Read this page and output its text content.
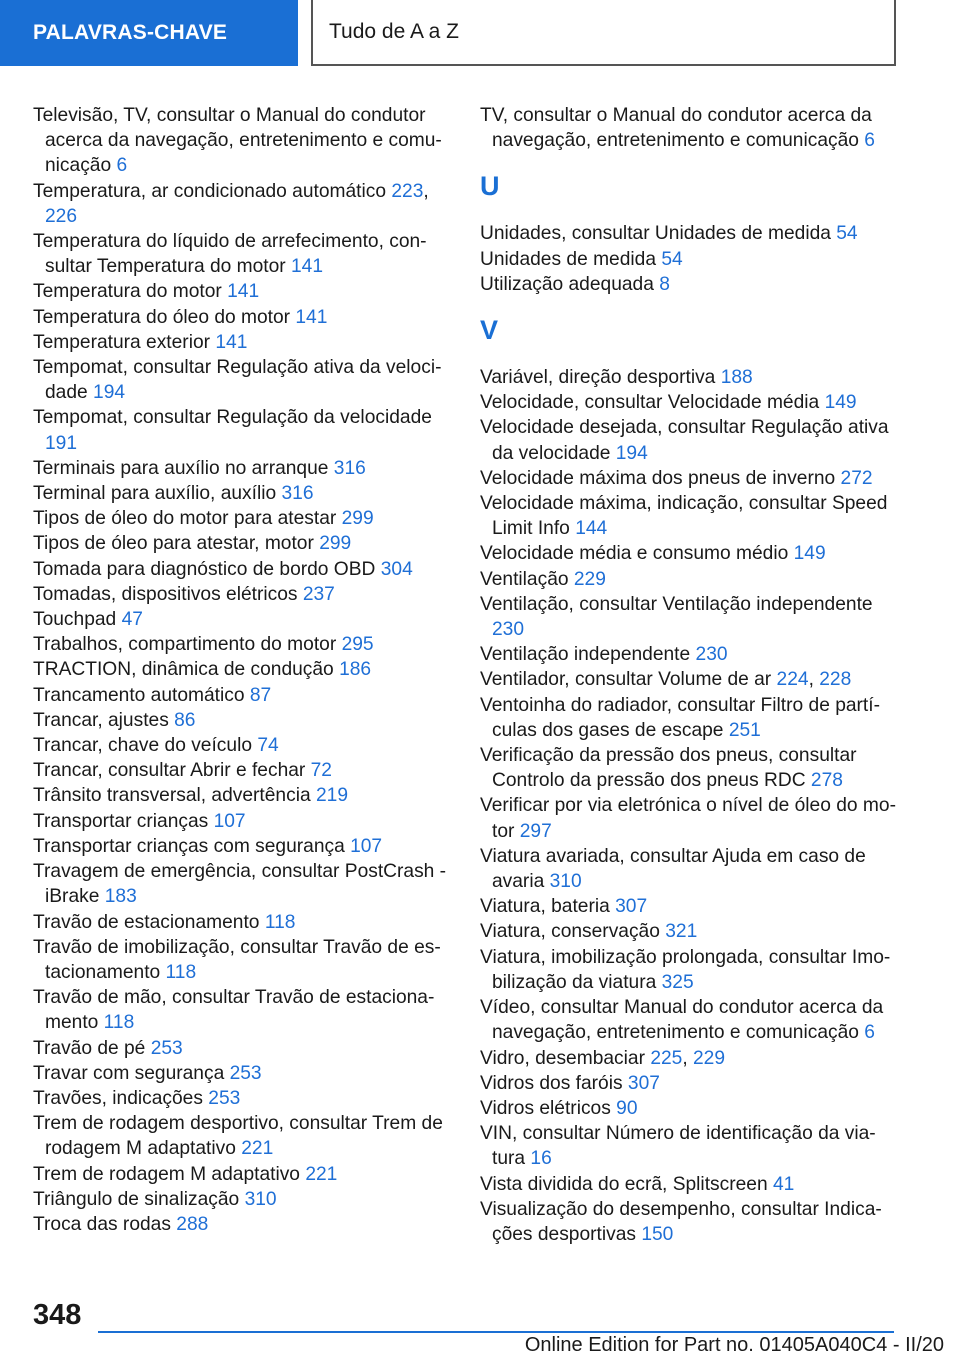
PALAVRAS-CHAVE	Tudo de A a Z

Televisão, TV, consultar o Manual do condutor acerca da navegação, entretenimento e comunicação 6

Temperatura, ar condicionado automático 223, 226

Temperatura do líquido de arrefecimento, consultar Temperatura do motor 141

Temperatura do motor 141

Temperatura do óleo do motor 141

Temperatura exterior 141

Tempomat, consultar Regulação ativa da velocidade 194

Tempomat, consultar Regulação da velocidade 191

Terminais para auxílio no arranque 316

Terminal para auxílio, auxílio 316

Tipos de óleo do motor para atestar 299

Tipos de óleo para atestar, motor 299

Tomada para diagnóstico de bordo OBD 304

Tomadas, dispositivos elétricos 237

Touchpad 47

Trabalhos, compartimento do motor 295

TRACTION, dinâmica de condução 186

Trancamento automático 87

Trancar, ajustes 86

Trancar, chave do veículo 74

Trancar, consultar Abrir e fechar 72

Trânsito transversal, advertência 219

Transportar crianças 107

Transportar crianças com segurança 107

Travagem de emergência, consultar PostCrash - iBrake 183

Travão de estacionamento 118

Travão de imobilização, consultar Travão de estacionamento 118

Travão de mão, consultar Travão de estacionamento 118

Travão de pé 253

Travar com segurança 253

Travões, indicações 253

Trem de rodagem desportivo, consultar Trem de rodagem M adaptativo 221

Trem de rodagem M adaptativo 221

Triângulo de sinalização 310

Troca das rodas 288

TV, consultar o Manual do condutor acerca da navegação, entretenimento e comunicação 6

U

Unidades, consultar Unidades de medida 54

Unidades de medida 54

Utilização adequada 8

V

Variável, direção desportiva 188

Velocidade, consultar Velocidade média 149

Velocidade desejada, consultar Regulação ativa da velocidade 194

Velocidade máxima dos pneus de inverno 272

Velocidade máxima, indicação, consultar Speed Limit Info 144

Velocidade média e consumo médio 149

Ventilação 229

Ventilação, consultar Ventilação independente 230

Ventilação independente 230

Ventilador, consultar Volume de ar 224, 228

Ventoinha do radiador, consultar Filtro de partículas dos gases de escape 251

Verificação da pressão dos pneus, consultar Controlo da pressão dos pneus RDC 278

Verificar por via eletrónica o nível de óleo do motor 297

Viatura avariada, consultar Ajuda em caso de avaria 310

Viatura, bateria 307

Viatura, conservação 321

Viatura, imobilização prolongada, consultar Imobilização da viatura 325

Vídeo, consultar Manual do condutor acerca da navegação, entretenimento e comunicação 6

Vidro, desembaciar 225, 229

Vidros dos faróis 307

Vidros elétricos 90

VIN, consultar Número de identificação da viatura 16

Vista dividida do ecrã, Splitscreen 41

Visualização do desempenho, consultar Indicações desportivas 150

348
Online Edition for Part no. 01405A040C4 - II/20
